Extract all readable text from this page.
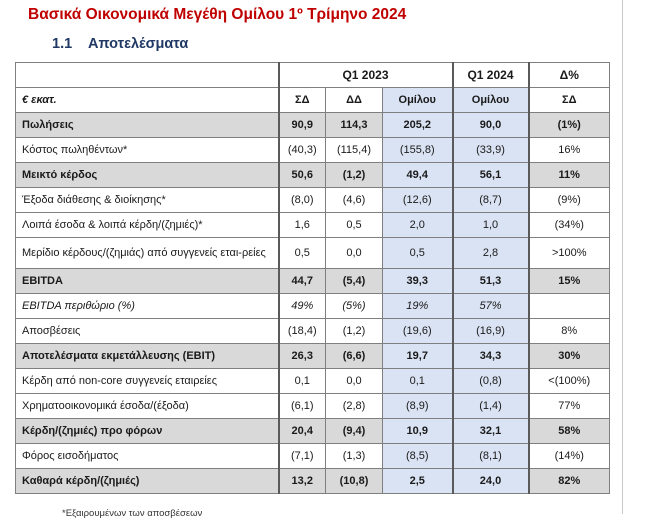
Βασικά Οικονομικά Μεγέθη Ομίλου 1º Τρίμηνο 2024
1.1 Αποτελέσματα
	Q1 2023			Q1 2024	Δ%
€ εκατ.	ΣΔ	ΔΔ	Ομίλου	Ομίλου	ΣΔ
Πωλήσεις	90,9	114,3	205,2	90,0	(1%)
Κόστος πωληθέντων*	(40,3)	(115,4)	(155,8)	(33,9)	16%
Μεικτό κέρδος	50,6	(1,2)	49,4	56,1	11%
Έξοδα διάθεσης & διοίκησης*	(8,0)	(4,6)	(12,6)	(8,7)	(9%)
Λοιπά έσοδα & λοιπά κέρδη/(ζημιές)*	1,6	0,5	2,0	1,0	(34%)
Μερίδιο κέρδους/(ζημιάς) από συγγενείς εται-ρείες	0,5	0,0	0,5	2,8	>100%
EBITDA	44,7	(5,4)	39,3	51,3	15%
EBITDA περιθώριο (%)	49%	(5%)	19%	57%	
Αποσβέσεις	(18,4)	(1,2)	(19,6)	(16,9)	8%
Αποτελέσματα εκμετάλλευσης (EBIT)	26,3	(6,6)	19,7	34,3	30%
Κέρδη από non-core συγγενείς εταιρείες	0,1	0,0	0,1	(0,8)	<(100%)
Χρηματοοικονομικά έσοδα/(έξοδα)	(6,1)	(2,8)	(8,9)	(1,4)	77%
Κέρδη/(ζημιές) προ φόρων	20,4	(9,4)	10,9	32,1	58%
Φόρος εισοδήματος	(7,1)	(1,3)	(8,5)	(8,1)	(14%)
Καθαρά κέρδη/(ζημιές)	13,2	(10,8)	2,5	24,0	82%
*Εξαιρουμένων των αποσβέσεων
